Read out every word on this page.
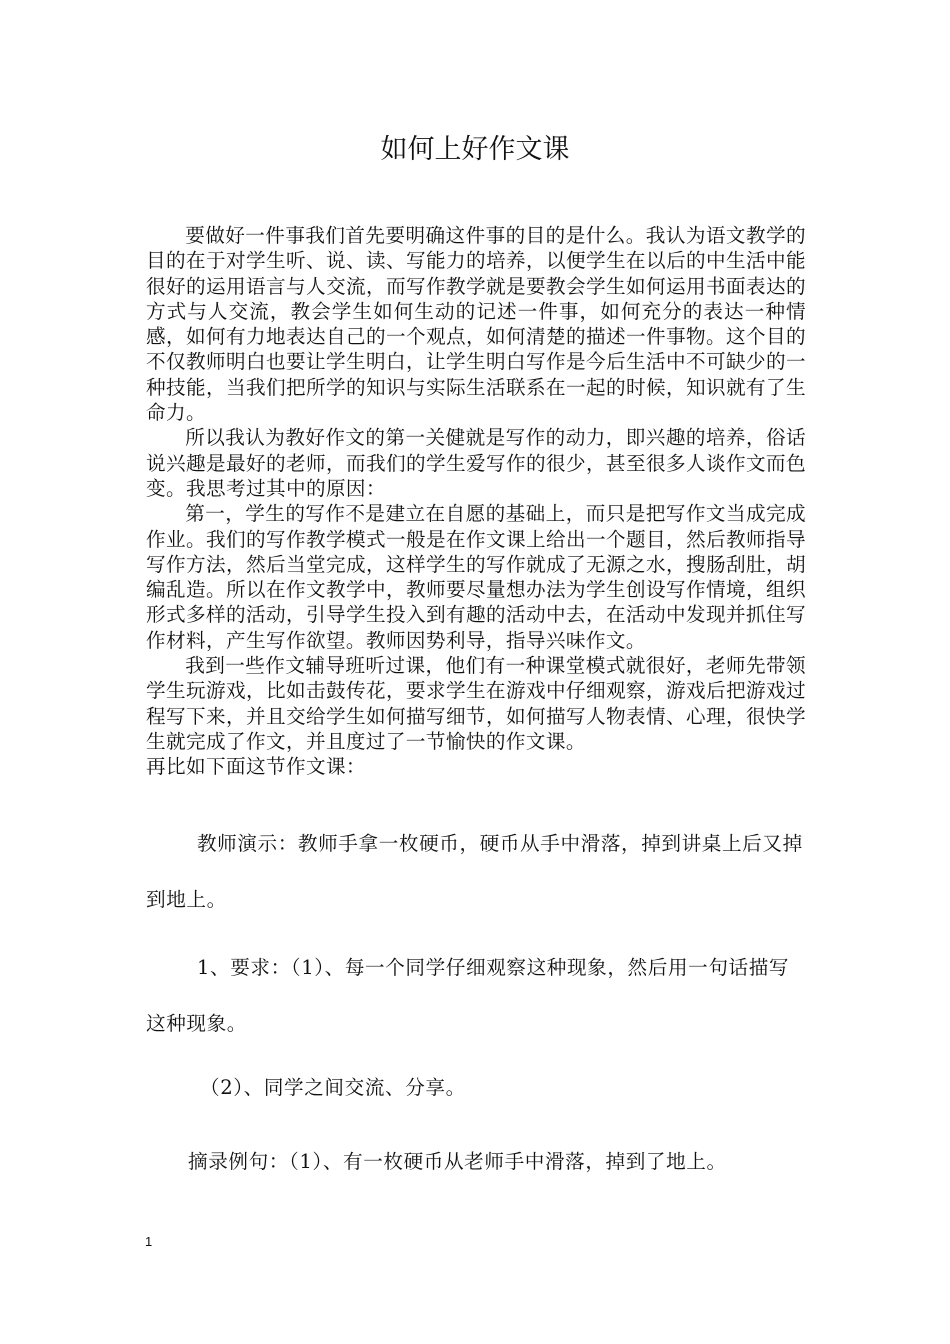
如何上好作文课

要做好一件事我们首先要明确这件事的目的是什么。我认为语文教学的目的在于对学生听、说、读、写能力的培养，以便学生在以后的中生活中能很好的运用语言与人交流，而写作教学就是要教会学生如何运用书面表达的方式与人交流，教会学生如何生动的记述一件事，如何充分的表达一种情感，如何有力地表达自己的一个观点，如何清楚的描述一件事物。这个目的不仅教师明白也要让学生明白，让学生明白写作是今后生活中不可缺少的一种技能，当我们把所学的知识与实际生活联系在一起的时候，知识就有了生命力。

所以我认为教好作文的第一关健就是写作的动力，即兴趣的培养，俗话说兴趣是最好的老师，而我们的学生爱写作的很少，甚至很多人谈作文而色变。我思考过其中的原因：

第一，学生的写作不是建立在自愿的基础上，而只是把写作文当成完成作业。我们的写作教学模式一般是在作文课上给出一个题目，然后教师指导写作方法，然后当堂完成，这样学生的写作就成了无源之水，搜肠刮肚，胡编乱造。所以在作文教学中，教师要尽量想办法为学生创设写作情境，组织形式多样的活动，引导学生投入到有趣的活动中去，在活动中发现并抓住写作材料，产生写作欲望。教师因势利导，指导兴味作文。

我到一些作文辅导班听过课，他们有一种课堂模式就很好，老师先带领学生玩游戏，比如击鼓传花，要求学生在游戏中仔细观察，游戏后把游戏过程写下来，并且交给学生如何描写细节，如何描写人物表情、心理，很快学生就完成了作文，并且度过了一节愉快的作文课。

再比如下面这节作文课：

教师演示：教师手拿一枚硬币，硬币从手中滑落，掉到讲桌上后又掉到地上。

1、要求：（1）、每一个同学仔细观察这种现象，然后用一句话描写这种现象。

（2）、同学之间交流、分享。
摘录例句：（1）、有一枚硬币从老师手中滑落，掉到了地上。
1
